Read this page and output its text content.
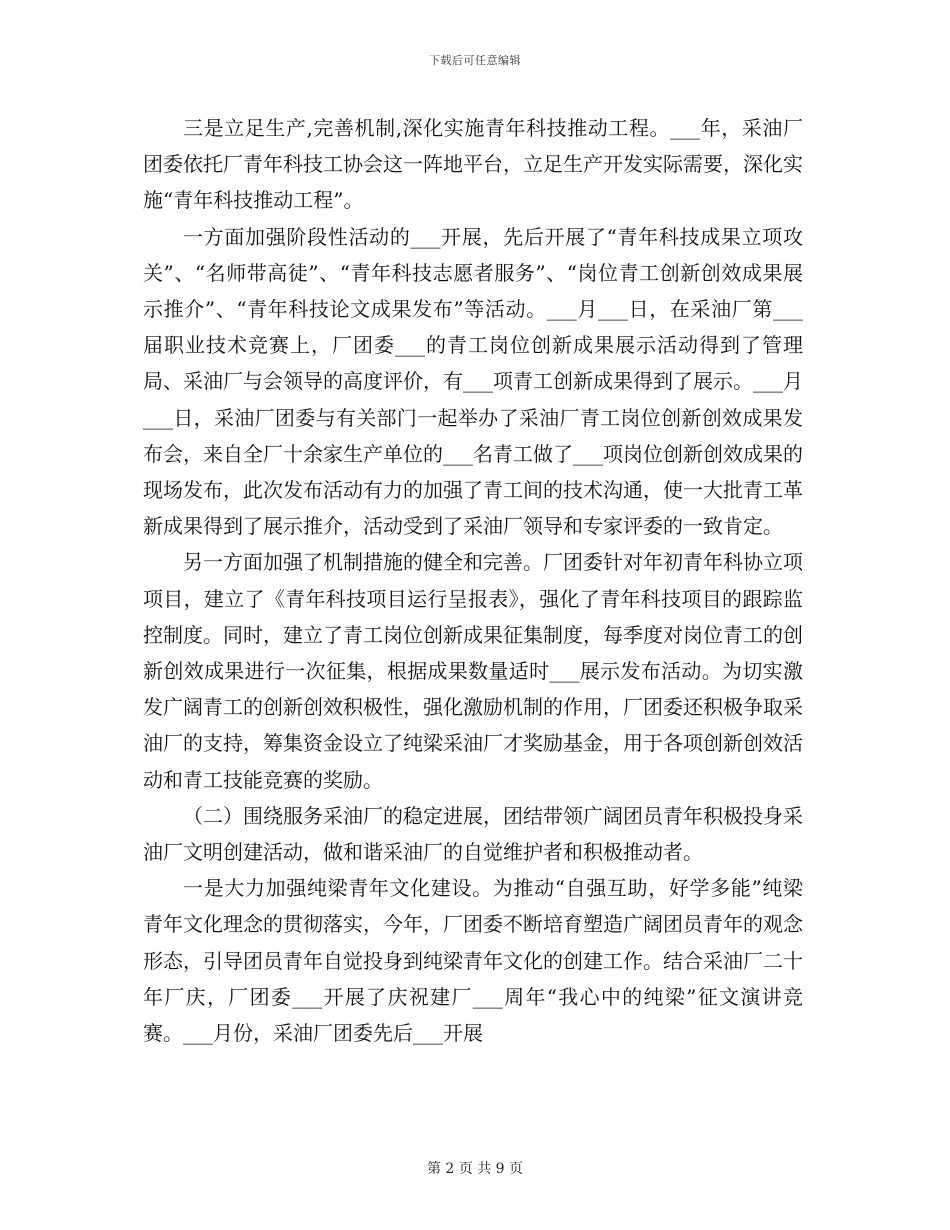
下载后可任意编辑

三是立足生产,完善机制,深化实施青年科技推动工程。___年，采油厂团委依托厂青年科技工协会这一阵地平台，立足生产开发实际需要，深化实施“青年科技推动工程”。

一方面加强阶段性活动的___开展，先后开展了“青年科技成果立项攻关”、“名师带高徒”、“青年科技志愿者服务”、“岗位青工创新创效成果展示推介”、“青年科技论文成果发布”等活动。___月___日，在采油厂第___届职业技术竞赛上，厂团委___的青工岗位创新成果展示活动得到了管理局、采油厂与会领导的高度评价，有___项青工创新成果得到了展示。___月___日，采油厂团委与有关部门一起举办了采油厂青工岗位创新创效成果发布会，来自全厂十余家生产单位的___名青工做了___项岗位创新创效成果的现场发布，此次发布活动有力的加强了青工间的技术沟通，使一大批青工革新成果得到了展示推介，活动受到了采油厂领导和专家评委的一致肯定。

另一方面加强了机制措施的健全和完善。厂团委针对年初青年科协立项项目，建立了《青年科技项目运行呈报表》，强化了青年科技项目的跟踪监控制度。同时，建立了青工岗位创新成果征集制度，每季度对岗位青工的创新创效成果进行一次征集，根据成果数量适时___展示发布活动。为切实激发广阔青工的创新创效积极性，强化激励机制的作用，厂团委还积极争取采油厂的支持，筹集资金设立了纯梁采油厂才奖励基金，用于各项创新创效活动和青工技能竞赛的奖励。

（二）围绕服务采油厂的稳定进展，团结带领广阔团员青年积极投身采油厂文明创建活动，做和谐采油厂的自觉维护者和积极推动者。

一是大力加强纯梁青年文化建设。为推动“自强互助，好学多能”纯梁青年文化理念的贯彻落实，今年，厂团委不断培育塑造广阔团员青年的观念形态，引导团员青年自觉投身到纯梁青年文化的创建工作。结合采油厂二十年厂庆，厂团委___开展了庆祝建厂___周年“我心中的纯梁”征文演讲竞赛。___月份，采油厂团委先后___开展

第 2 页 共 9 页
